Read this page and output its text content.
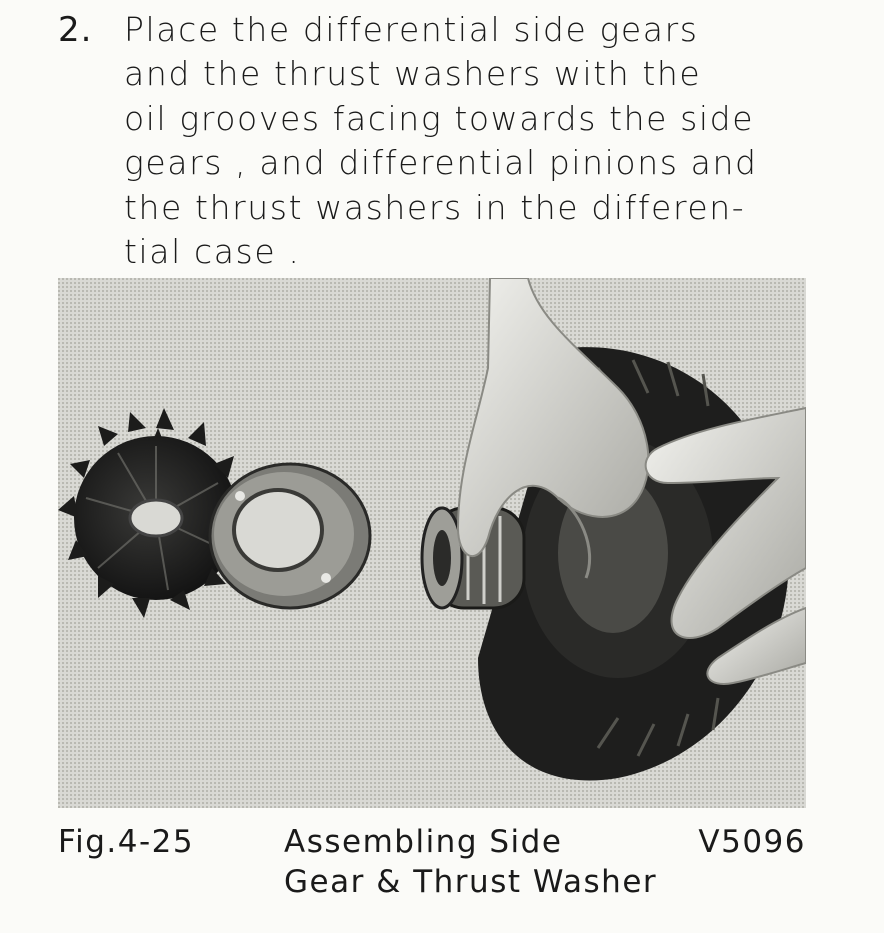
2. Place the differential side gears
and the thrust washers with the
oil grooves facing towards the side
gears , and differential pinions and
the thrust washers in the differen-
tial case .
Fig.4-25	Assembling Side
Gear & Thrust Washer
V5096
